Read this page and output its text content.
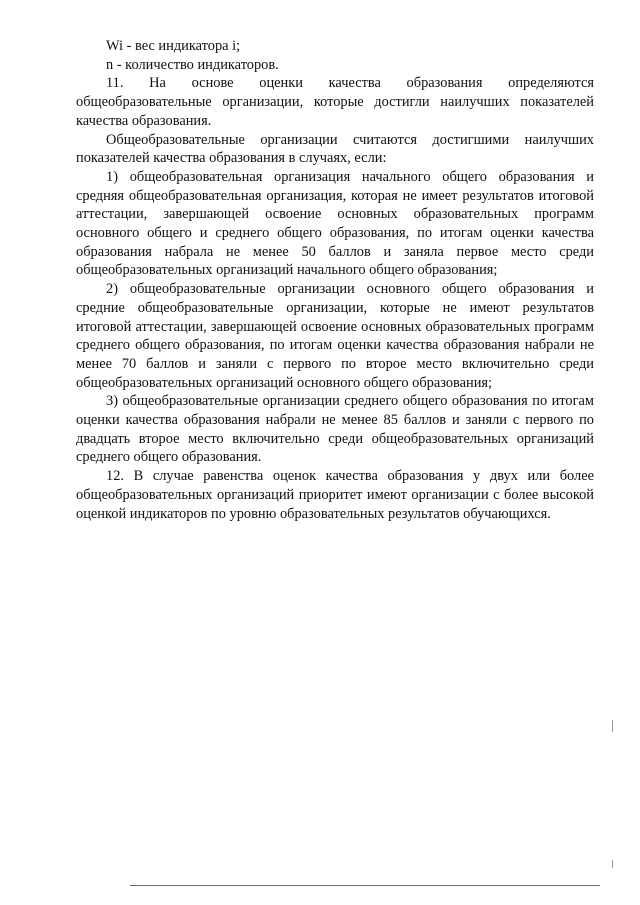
Wi - вес индикатора i;

n - количество индикаторов.

11. На основе оценки качества образования определяются общеобразовательные организации, которые достигли наилучших показателей качества образования.

Общеобразовательные организации считаются достигшими наилучших показателей качества образования в случаях, если:

1) общеобразовательная организация начального общего образования и средняя общеобразовательная организация, которая не имеет результатов итоговой аттестации, завершающей освоение основных образовательных программ основного общего и среднего общего образования, по итогам оценки качества образования набрала не менее 50 баллов и заняла первое место среди общеобразовательных организаций начального общего образования;

2) общеобразовательные организации основного общего образования и средние общеобразовательные организации, которые не имеют результатов итоговой аттестации, завершающей освоение основных образовательных программ среднего общего образования, по итогам оценки качества образования набрали не менее 70 баллов и заняли с первого по второе место включительно среди общеобразовательных организаций основного общего образования;

3) общеобразовательные организации среднего общего образования по итогам оценки качества образования набрали не менее 85 баллов и заняли с первого по двадцать второе место включительно среди общеобразовательных организаций среднего общего образования.

12. В случае равенства оценок качества образования у двух или более общеобразовательных организаций приоритет имеют организации с более высокой оценкой индикаторов по уровню образовательных результатов обучающихся.
